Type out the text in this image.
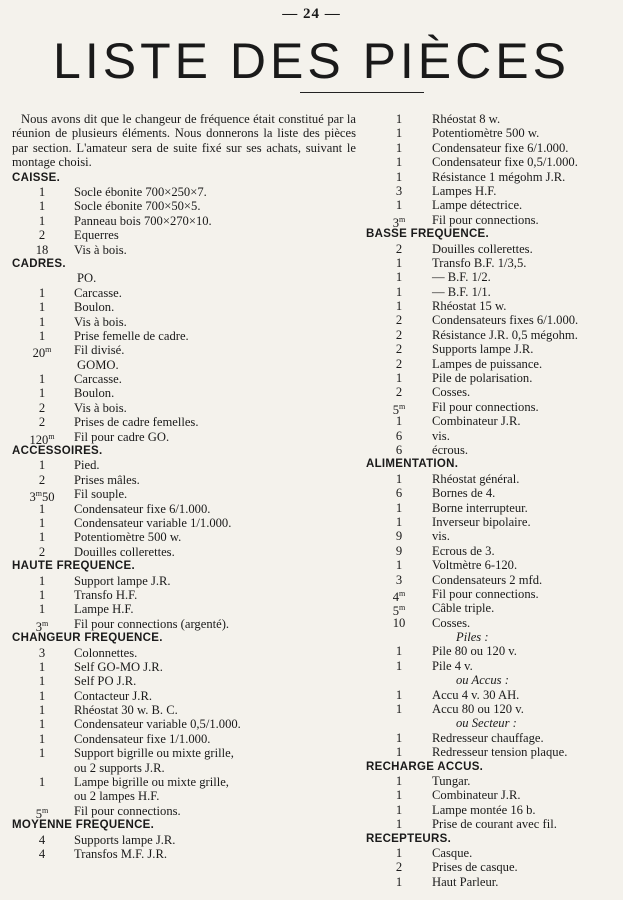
— 24 —
LISTE DES PIÈCES

Nous avons dit que le changeur de fréquence était constitué par la réunion de plusieurs éléments. Nous donnerons la liste des pièces par section. L'amateur sera de suite fixé sur ses achats, suivant le montage choisi.

CAISSE.
1	Socle ébonite 700×250×7.
1	Socle ébonite 700×50×5.
1	Panneau bois 700×270×10.
2	Equerres
18	Vis à bois.
CADRES.
PO.
1	Carcasse.
1	Boulon.
1	Vis à bois.
1	Prise femelle de cadre.
20$^m$	Fil divisé.
GOMO.
1	Carcasse.
1	Boulon.
2	Vis à bois.
2	Prises de cadre femelles.
120$^m$	Fil pour cadre GO.
ACCESSOIRES.
1	Pied.
2	Prises mâles.
3$^m$50	Fil souple.
1	Condensateur fixe 6/1.000.
1	Condensateur variable 1/1.000.
1	Potentiomètre 500 w.
2	Douilles collerettes.
HAUTE FREQUENCE.
1	Support lampe J.R.
1	Transfo H.F.
1	Lampe H.F.
3$^m$	Fil pour connections (argenté).
CHANGEUR FREQUENCE.
3	Colonnettes.
1	Self GO-MO J.R.
1	Self PO J.R.
1	Contacteur J.R.
1	Rhéostat 30 w. B. C.
1	Condensateur variable 0,5/1.000.
1	Condensateur fixe 1/1.000.
1	Support bigrille ou mixte grille,
ou 2 supports J.R.
1	Lampe bigrille ou mixte grille,
ou 2 lampes H.F.
5$^m$	Fil pour connections.
MOYENNE FREQUENCE.
4	Supports lampe J.R.
4	Transfos M.F. J.R.
1	Rhéostat 8 w.
1	Potentiomètre 500 w.
1	Condensateur fixe 6/1.000.
1	Condensateur fixe 0,5/1.000.
1	Résistance 1 mégohm J.R.
3	Lampes H.F.
1	Lampe détectrice.
3$^m$	Fil pour connections.
BASSE FREQUENCE.
2	Douilles collerettes.
1	Transfo B.F. 1/3,5.
1	— B.F. 1/2.
1	— B.F. 1/1.
1	Rhéostat 15 w.
2	Condensateurs fixes 6/1.000.
2	Résistance J.R. 0,5 mégohm.
2	Supports lampe J.R.
2	Lampes de puissance.
1	Pile de polarisation.
2	Cosses.
5$^m$	Fil pour connections.
1	Combinateur J.R.
6	vis.
6	écrous.
ALIMENTATION.
1	Rhéostat général.
6	Bornes de 4.
1	Borne interrupteur.
1	Inverseur bipolaire.
9	vis.
9	Ecrous de 3.
1	Voltmètre 6-120.
3	Condensateurs 2 mfd.
4$^m$	Fil pour connections.
5$^m$	Câble triple.
10	Cosses.
Piles :
1	Pile 80 ou 120 v.
1	Pile 4 v.
ou Accus :
1	Accu 4 v. 30 AH.
1	Accu 80 ou 120 v.
ou Secteur :
1	Redresseur chauffage.
1	Redresseur tension plaque.
RECHARGE ACCUS.
1	Tungar.
1	Combinateur J.R.
1	Lampe montée 16 b.
1	Prise de courant avec fil.
RECEPTEURS.
1	Casque.
2	Prises de casque.
1	Haut Parleur.
